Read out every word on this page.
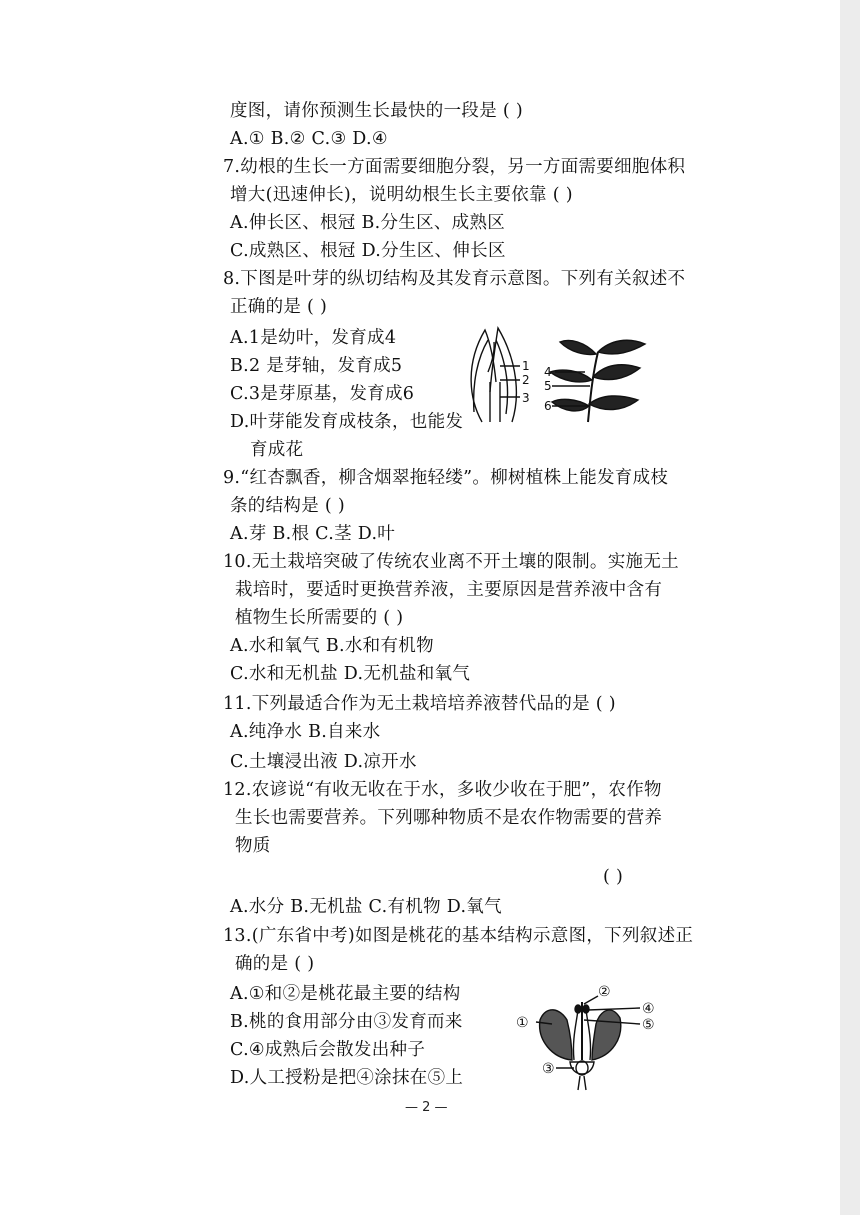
度图，请你预测生长最快的一段是 ( )
A.① B.② C.③ D.④
7.幼根的生长一方面需要细胞分裂，另一方面需要细胞体积
增大(迅速伸长)，说明幼根生长主要依靠 ( )
A.伸长区、根冠 B.分生区、成熟区
C.成熟区、根冠 D.分生区、伸长区
8.下图是叶芽的纵切结构及其发育示意图。下列有关叙述不
正确的是 ( )
A.1是幼叶，发育成4
B.2 是芽轴，发育成5
C.3是芽原基，发育成6
D.叶芽能发育成枝条，也能发
育成花
1
2
3
4
5
6
9.“红杏飘香，柳含烟翠拖轻缕”。柳树植株上能发育成枝
条的结构是 ( )
A.芽 B.根 C.茎 D.叶
10.无土栽培突破了传统农业离不开土壤的限制。实施无土
栽培时，要适时更换营养液，主要原因是营养液中含有
植物生长所需要的 ( )
A.水和氧气 B.水和有机物
C.水和无机盐 D.无机盐和氧气
11.下列最适合作为无土栽培培养液替代品的是 ( )
A.纯净水 B.自来水
C.土壤浸出液 D.凉开水
12.农谚说“有收无收在于水，多收少收在于肥”，农作物
生长也需要营养。下列哪种物质不是农作物需要的营养
物质
( )
A.水分 B.无机盐 C.有机物 D.氧气
13.(广东省中考)如图是桃花的基本结构示意图，下列叙述正
确的是 ( )
A.①和②是桃花最主要的结构
B.桃的食用部分由③发育而来
C.④成熟后会散发出种子
D.人工授粉是把④涂抹在⑤上
①
②
③
④
⑤
— 2 —
